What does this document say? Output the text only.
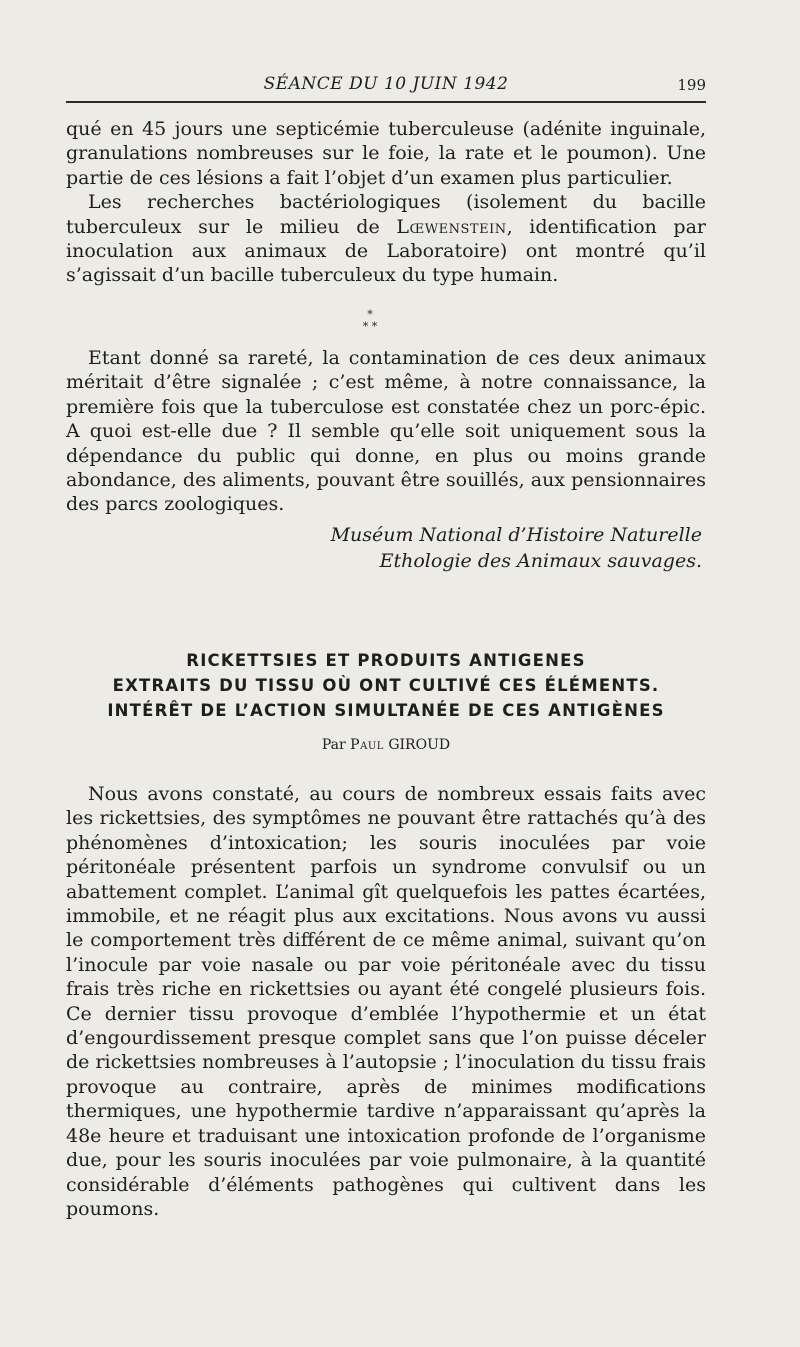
SÉANCE DU 10 JUIN 1942	199

qué en 45 jours une septicémie tuberculeuse (adénite inguinale, granulations nombreuses sur le foie, la rate et le poumon). Une partie de ces lésions a fait l’objet d’un examen plus particulier.

Les recherches bactériologiques (isolement du bacille tuberculeux sur le milieu de Lœwenstein, identification par inoculation aux animaux de Laboratoire) ont montré qu’il s’agissait d’un bacille tuberculeux du type humain.

*
* *

Etant donné sa rareté, la contamination de ces deux animaux méritait d’être signalée ; c’est même, à notre connaissance, la première fois que la tuberculose est constatée chez un porc-épic. A quoi est-elle due ? Il semble qu’elle soit uniquement sous la dépendance du public qui donne, en plus ou moins grande abondance, des aliments, pouvant être souillés, aux pensionnaires des parcs zoologiques.

Muséum National d’Histoire Naturelle
Ethologie des Animaux sauvages.
RICKETTSIES ET PRODUITS ANTIGENES
EXTRAITS DU TISSU OÙ ONT CULTIVÉ CES ÉLÉMENTS.
INTÉRÊT DE L’ACTION SIMULTANÉE DE CES ANTIGÈNES
Par Paul GIROUD

Nous avons constaté, au cours de nombreux essais faits avec les rickettsies, des symptômes ne pouvant être rattachés qu’à des phénomènes d’intoxication; les souris inoculées par voie péritonéale présentent parfois un syndrome convulsif ou un abattement complet. L’animal gît quelquefois les pattes écartées, immobile, et ne réagit plus aux excitations. Nous avons vu aussi le comportement très différent de ce même animal, suivant qu’on l’inocule par voie nasale ou par voie péritonéale avec du tissu frais très riche en rickettsies ou ayant été congelé plusieurs fois. Ce dernier tissu provoque d’emblée l’hypothermie et un état d’engourdissement presque complet sans que l’on puisse déceler de rickettsies nombreuses à l’autopsie ; l’inoculation du tissu frais provoque au contraire, après de minimes modifications thermiques, une hypothermie tardive n’apparaissant qu’après la 48e heure et traduisant une intoxication profonde de l’organisme due, pour les souris inoculées par voie pulmonaire, à la quantité considérable d’éléments pathogènes qui cultivent dans les poumons.
